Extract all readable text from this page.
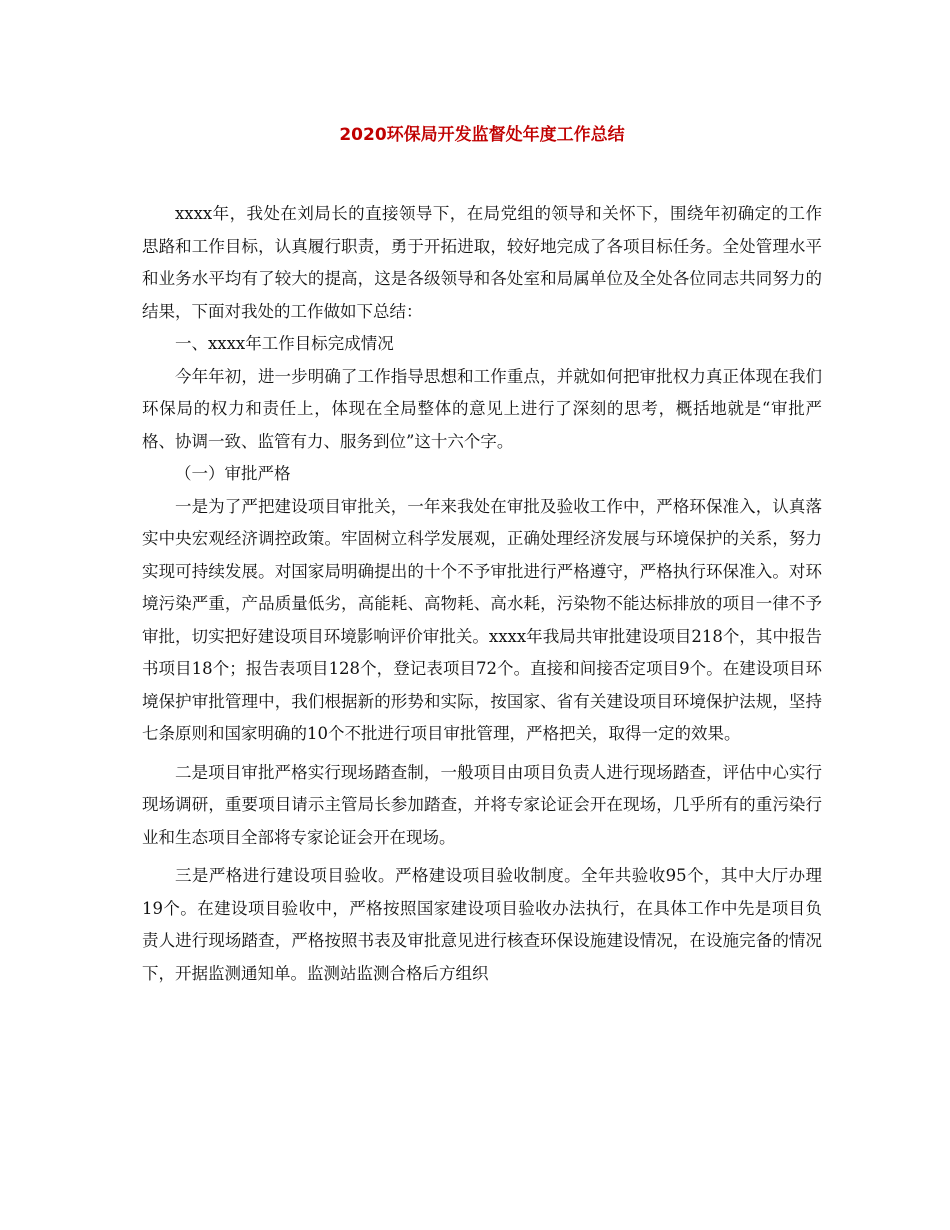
2020环保局开发监督处年度工作总结

xxxx年，我处在刘局长的直接领导下，在局党组的领导和关怀下，围绕年初确定的工作思路和工作目标，认真履行职责，勇于开拓进取，较好地完成了各项目标任务。全处管理水平和业务水平均有了较大的提高，这是各级领导和各处室和局属单位及全处各位同志共同努力的结果，下面对我处的工作做如下总结：

一、xxxx年工作目标完成情况

今年年初，进一步明确了工作指导思想和工作重点，并就如何把审批权力真正体现在我们环保局的权力和责任上，体现在全局整体的意见上进行了深刻的思考，概括地就是“审批严格、协调一致、监管有力、服务到位”这十六个字。

（一）审批严格

一是为了严把建设项目审批关，一年来我处在审批及验收工作中，严格环保准入，认真落实中央宏观经济调控政策。牢固树立科学发展观，正确处理经济发展与环境保护的关系，努力实现可持续发展。对国家局明确提出的十个不予审批进行严格遵守，严格执行环保准入。对环境污染严重，产品质量低劣，高能耗、高物耗、高水耗，污染物不能达标排放的项目一律不予审批，切实把好建设项目环境影响评价审批关。xxxx年我局共审批建设项目218个，其中报告书项目18个；报告表项目128个，登记表项目72个。直接和间接否定项目9个。在建设项目环境保护审批管理中，我们根据新的形势和实际，按国家、省有关建设项目环境保护法规，坚持七条原则和国家明确的10个不批进行项目审批管理，严格把关，取得一定的效果。

二是项目审批严格实行现场踏查制，一般项目由项目负责人进行现场踏查，评估中心实行现场调研，重要项目请示主管局长参加踏查，并将专家论证会开在现场，几乎所有的重污染行业和生态项目全部将专家论证会开在现场。

三是严格进行建设项目验收。严格建设项目验收制度。全年共验收95个，其中大厅办理19个。在建设项目验收中，严格按照国家建设项目验收办法执行，在具体工作中先是项目负责人进行现场踏查，严格按照书表及审批意见进行核查环保设施建设情况，在设施完备的情况下，开据监测通知单。监测站监测合格后方组织
